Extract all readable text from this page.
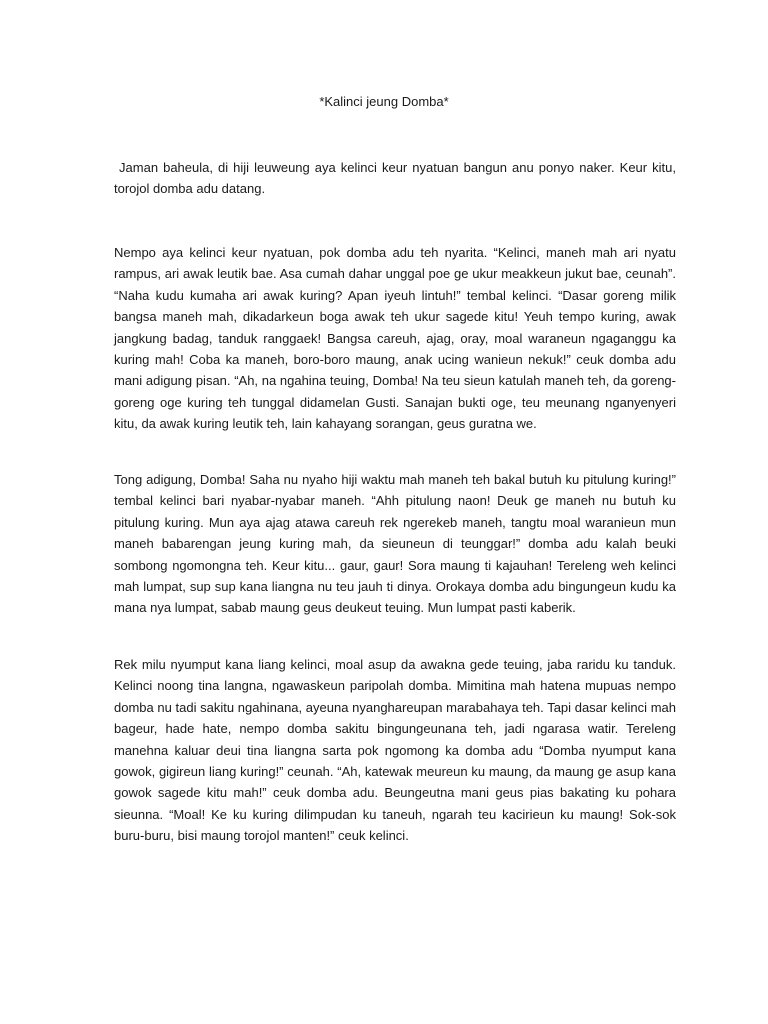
*Kalinci jeung Domba*

Jaman baheula, di hiji leuweung aya kelinci keur nyatuan bangun anu ponyo naker. Keur kitu, torojol domba adu datang.

Nempo aya kelinci keur nyatuan, pok domba adu teh nyarita. “Kelinci, maneh mah ari nyatu rampus, ari awak leutik bae. Asa cumah dahar unggal poe ge ukur meakkeun jukut bae, ceunah”. “Naha kudu kumaha ari awak kuring? Apan iyeuh lintuh!” tembal kelinci. “Dasar goreng milik bangsa maneh mah, dikadarkeun boga awak teh ukur sagede kitu! Yeuh tempo kuring, awak jangkung badag, tanduk ranggaek! Bangsa careuh, ajag, oray, moal waraneun ngaganggu ka kuring mah! Coba ka maneh, boro-boro maung, anak ucing wanieun nekuk!” ceuk domba adu mani adigung pisan. “Ah, na ngahina teuing, Domba! Na teu sieun katulah maneh teh, da goreng-goreng oge kuring teh tunggal didamelan Gusti. Sanajan bukti oge, teu meunang nganyenyeri kitu, da awak kuring leutik teh, lain kahayang sorangan, geus guratna we.

Tong adigung, Domba! Saha nu nyaho hiji waktu mah maneh teh bakal butuh ku pitulung kuring!” tembal kelinci bari nyabar-nyabar maneh. “Ahh pitulung naon! Deuk ge maneh nu butuh ku pitulung kuring. Mun aya ajag atawa careuh rek ngerekeb maneh, tangtu moal waranieun mun maneh babarengan jeung kuring mah, da sieuneun di teunggar!” domba adu kalah beuki sombong ngomongna teh. Keur kitu... gaur, gaur! Sora maung ti kajauhan! Tereleng weh kelinci mah lumpat, sup sup kana liangna nu teu jauh ti dinya. Orokaya domba adu bingungeun kudu ka mana nya lumpat, sabab maung geus deukeut teuing. Mun lumpat pasti kaberik.

Rek milu nyumput kana liang kelinci, moal asup da awakna gede teuing, jaba raridu ku tanduk. Kelinci noong tina langna, ngawaskeun paripolah domba. Mimitina mah hatena mupuas nempo domba nu tadi sakitu ngahinana, ayeuna nyanghareupan marabahaya teh. Tapi dasar kelinci mah bageur, hade hate, nempo domba sakitu bingungeunana teh, jadi ngarasa watir. Tereleng manehna kaluar deui tina liangna sarta pok ngomong ka domba adu “Domba nyumput kana gowok, gigireun liang kuring!” ceunah. “Ah, katewak meureun ku maung, da maung ge asup kana gowok sagede kitu mah!” ceuk domba adu. Beungeutna mani geus pias bakating ku pohara sieunna. “Moal! Ke ku kuring dilimpudan ku taneuh, ngarah teu kacirieun ku maung! Sok-sok buru-buru, bisi maung torojol manten!” ceuk kelinci.
